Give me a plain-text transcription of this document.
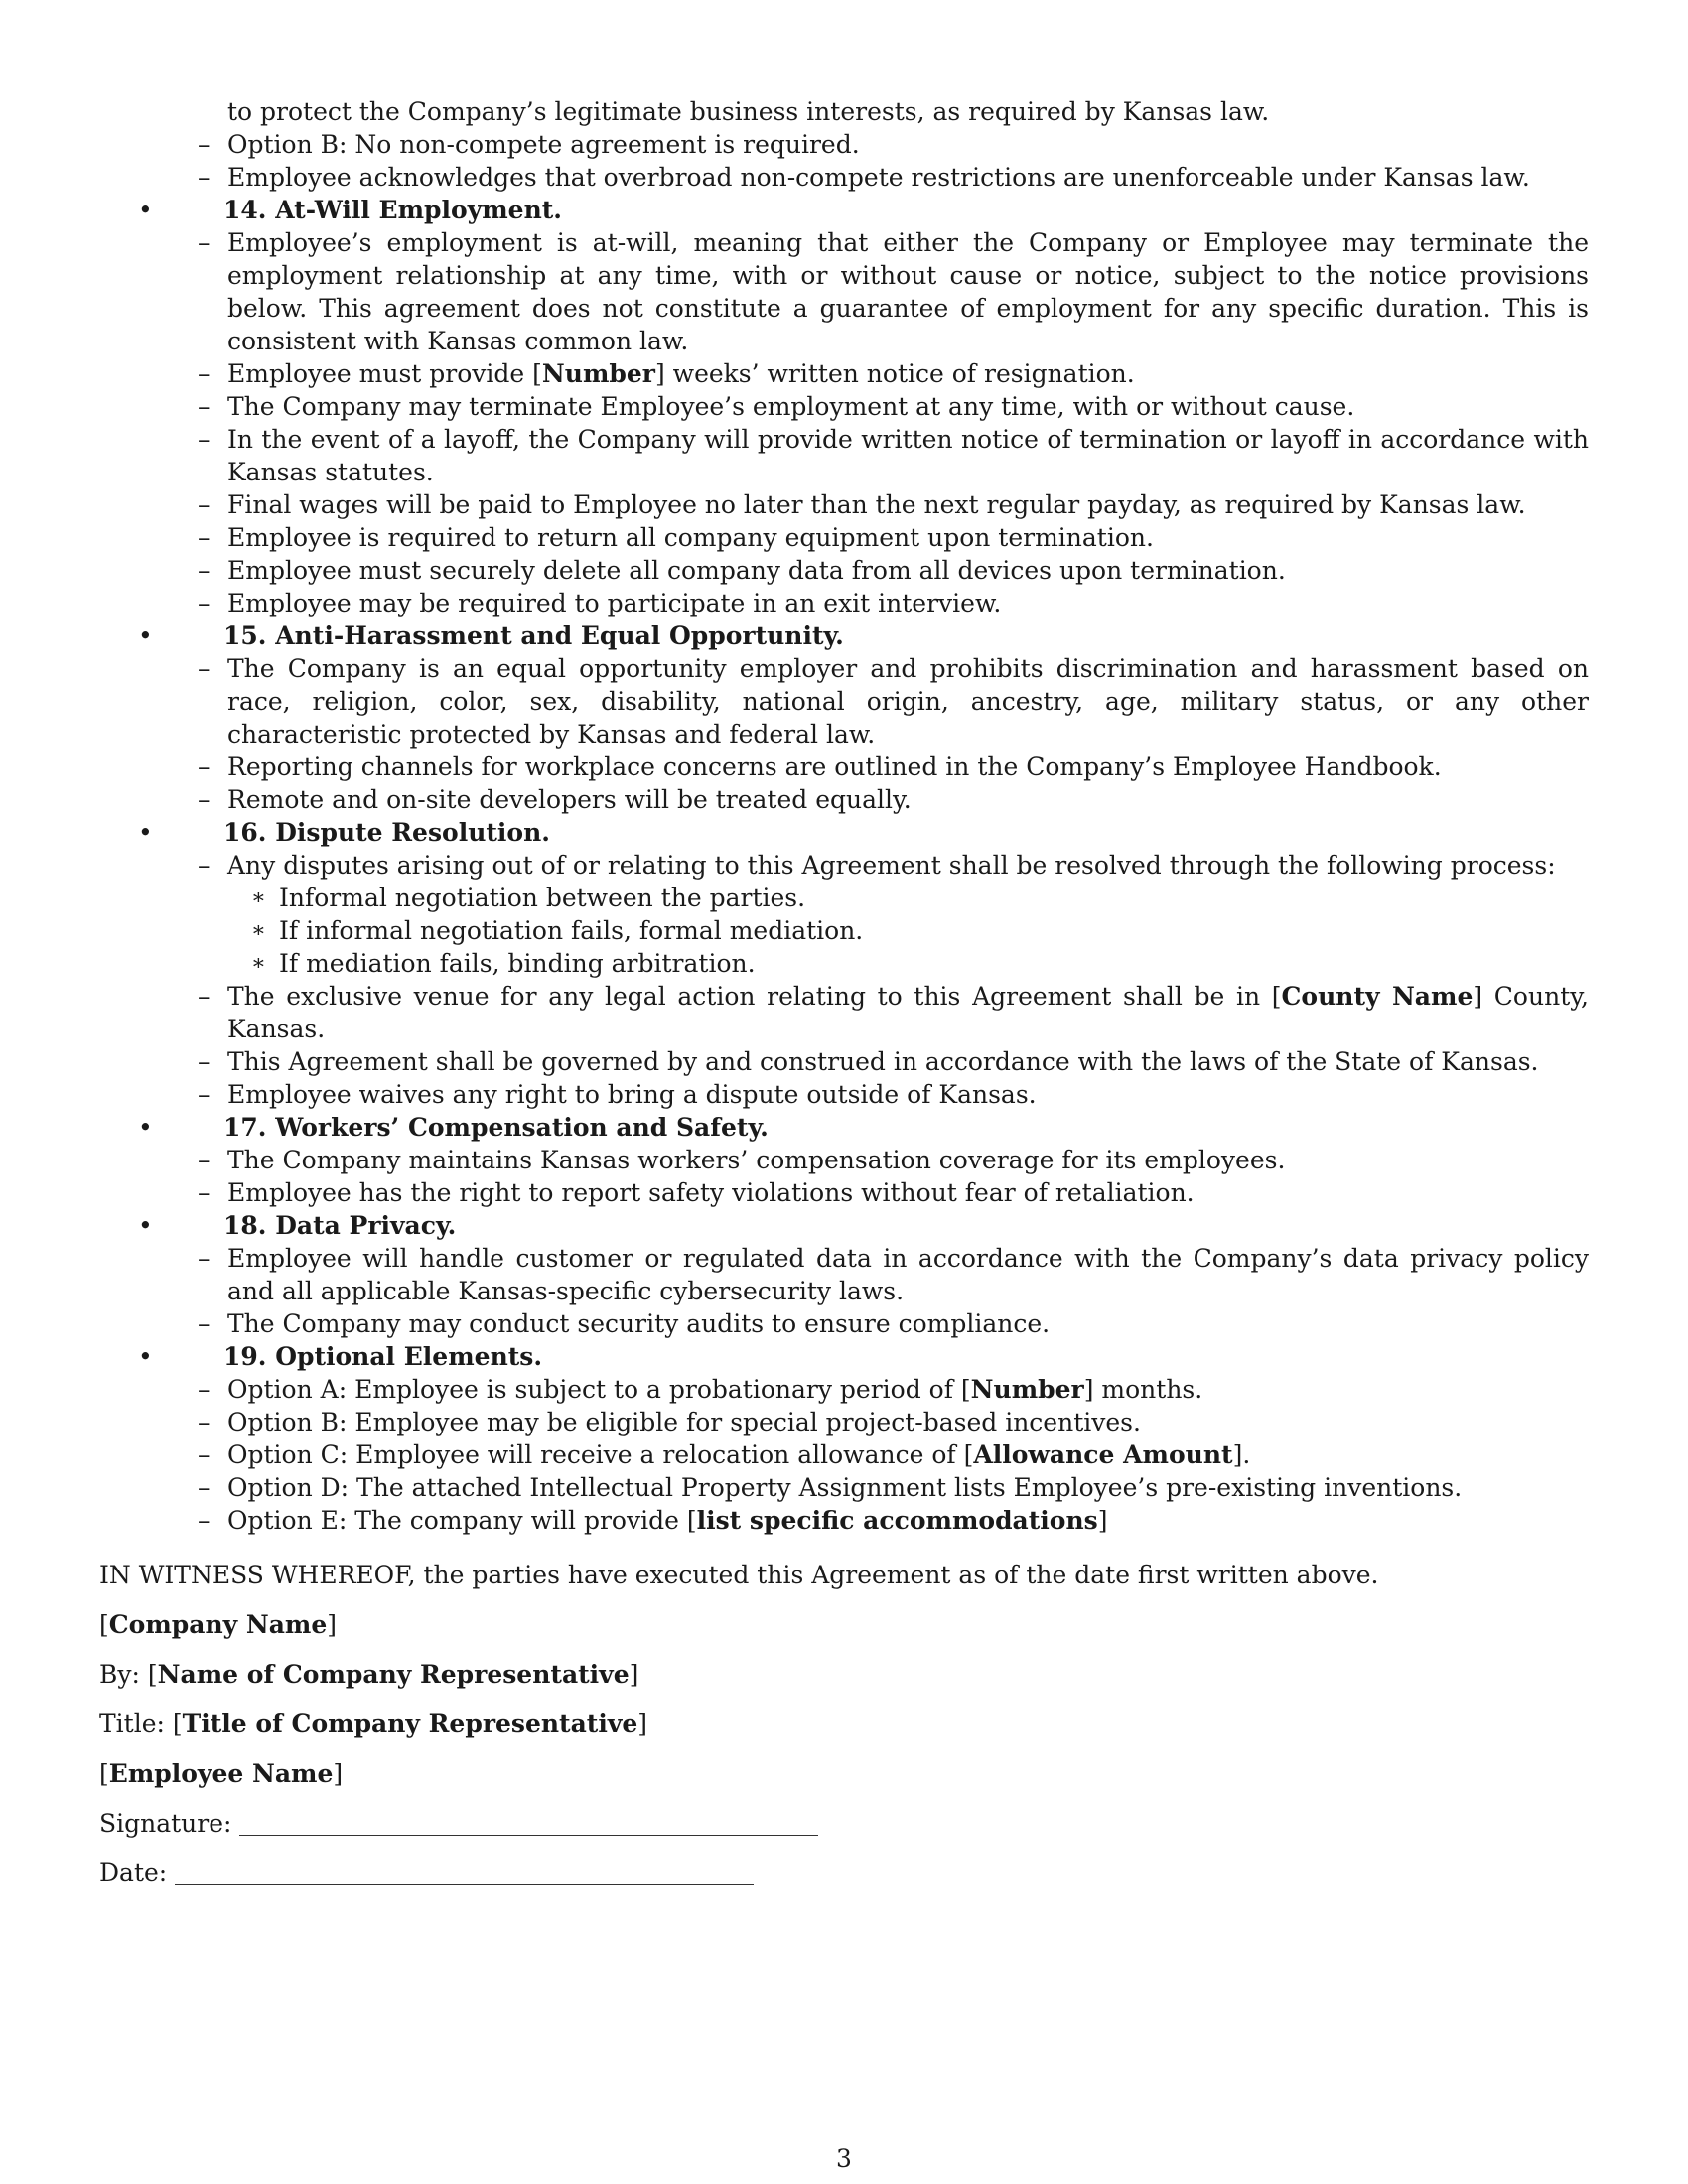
to protect the Company’s legitimate business interests, as required by Kansas law.

– Option B: No non-compete agreement is required.

– Employee acknowledges that overbroad non-compete restrictions are unenforceable under Kansas law.

•	14. At-Will Employment.

– Employee’s employment is at-will, meaning that either the Company or Employee may terminate the employment relationship at any time, with or without cause or notice, subject to the notice provisions below. This agreement does not constitute a guarantee of employment for any specific duration. This is consistent with Kansas common law.

– Employee must provide [Number] weeks’ written notice of resignation.

– The Company may terminate Employee’s employment at any time, with or without cause.

– In the event of a layoff, the Company will provide written notice of termination or layoff in accordance with Kansas statutes.

– Final wages will be paid to Employee no later than the next regular payday, as required by Kansas law.

– Employee is required to return all company equipment upon termination.

– Employee must securely delete all company data from all devices upon termination.

– Employee may be required to participate in an exit interview.

•	15. Anti-Harassment and Equal Opportunity.

– The Company is an equal opportunity employer and prohibits discrimination and harassment based on race, religion, color, sex, disability, national origin, ancestry, age, military status, or any other characteristic protected by Kansas and federal law.

– Reporting channels for workplace concerns are outlined in the Company’s Employee Handbook.

– Remote and on-site developers will be treated equally.

•	16. Dispute Resolution.

– Any disputes arising out of or relating to this Agreement shall be resolved through the following process:

∗ Informal negotiation between the parties.

∗ If informal negotiation fails, formal mediation.

∗ If mediation fails, binding arbitration.

– The exclusive venue for any legal action relating to this Agreement shall be in [County Name] County, Kansas.

– This Agreement shall be governed by and construed in accordance with the laws of the State of Kansas.

– Employee waives any right to bring a dispute outside of Kansas.

•	17. Workers’ Compensation and Safety.

– The Company maintains Kansas workers’ compensation coverage for its employees.

– Employee has the right to report safety violations without fear of retaliation.

•	18. Data Privacy.

– Employee will handle customer or regulated data in accordance with the Company’s data privacy policy and all applicable Kansas-specific cybersecurity laws.

– The Company may conduct security audits to ensure compliance.

•	19. Optional Elements.

– Option A: Employee is subject to a probationary period of [Number] months.

– Option B: Employee may be eligible for special project-based incentives.

– Option C: Employee will receive a relocation allowance of [Allowance Amount].

– Option D: The attached Intellectual Property Assignment lists Employee’s pre-existing inventions.

– Option E: The company will provide [list specific accommodations]

IN WITNESS WHEREOF, the parties have executed this Agreement as of the date first written above.

[Company Name]

By: [Name of Company Representative]

Title: [Title of Company Representative]

[Employee Name]

Signature:

Date:

3
